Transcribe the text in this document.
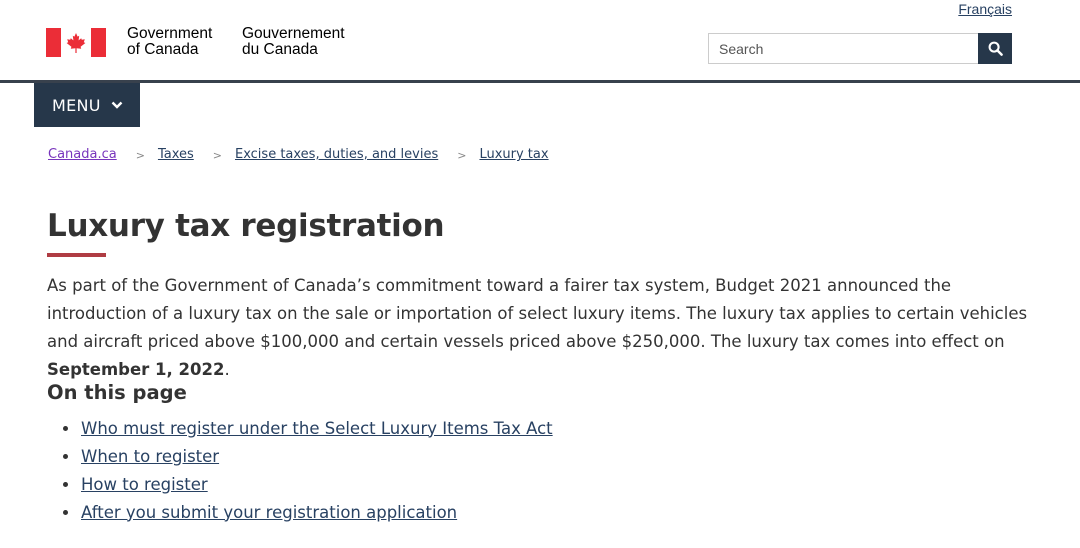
Français
Government
of Canada
Gouvernement
du Canada
Search
MENU
Canada.ca > Taxes > Excise taxes, duties, and levies > Luxury tax
Luxury tax registration

As part of the Government of Canada’s commitment toward a fairer tax system, Budget 2021 announced the introduction of a luxury tax on the sale or importation of select luxury items. The luxury tax applies to certain vehicles and aircraft priced above $100,000 and certain vessels priced above $250,000. The luxury tax comes into effect on September 1, 2022.

On this page
Who must register under the Select Luxury Items Tax Act
When to register
How to register
After you submit your registration application
